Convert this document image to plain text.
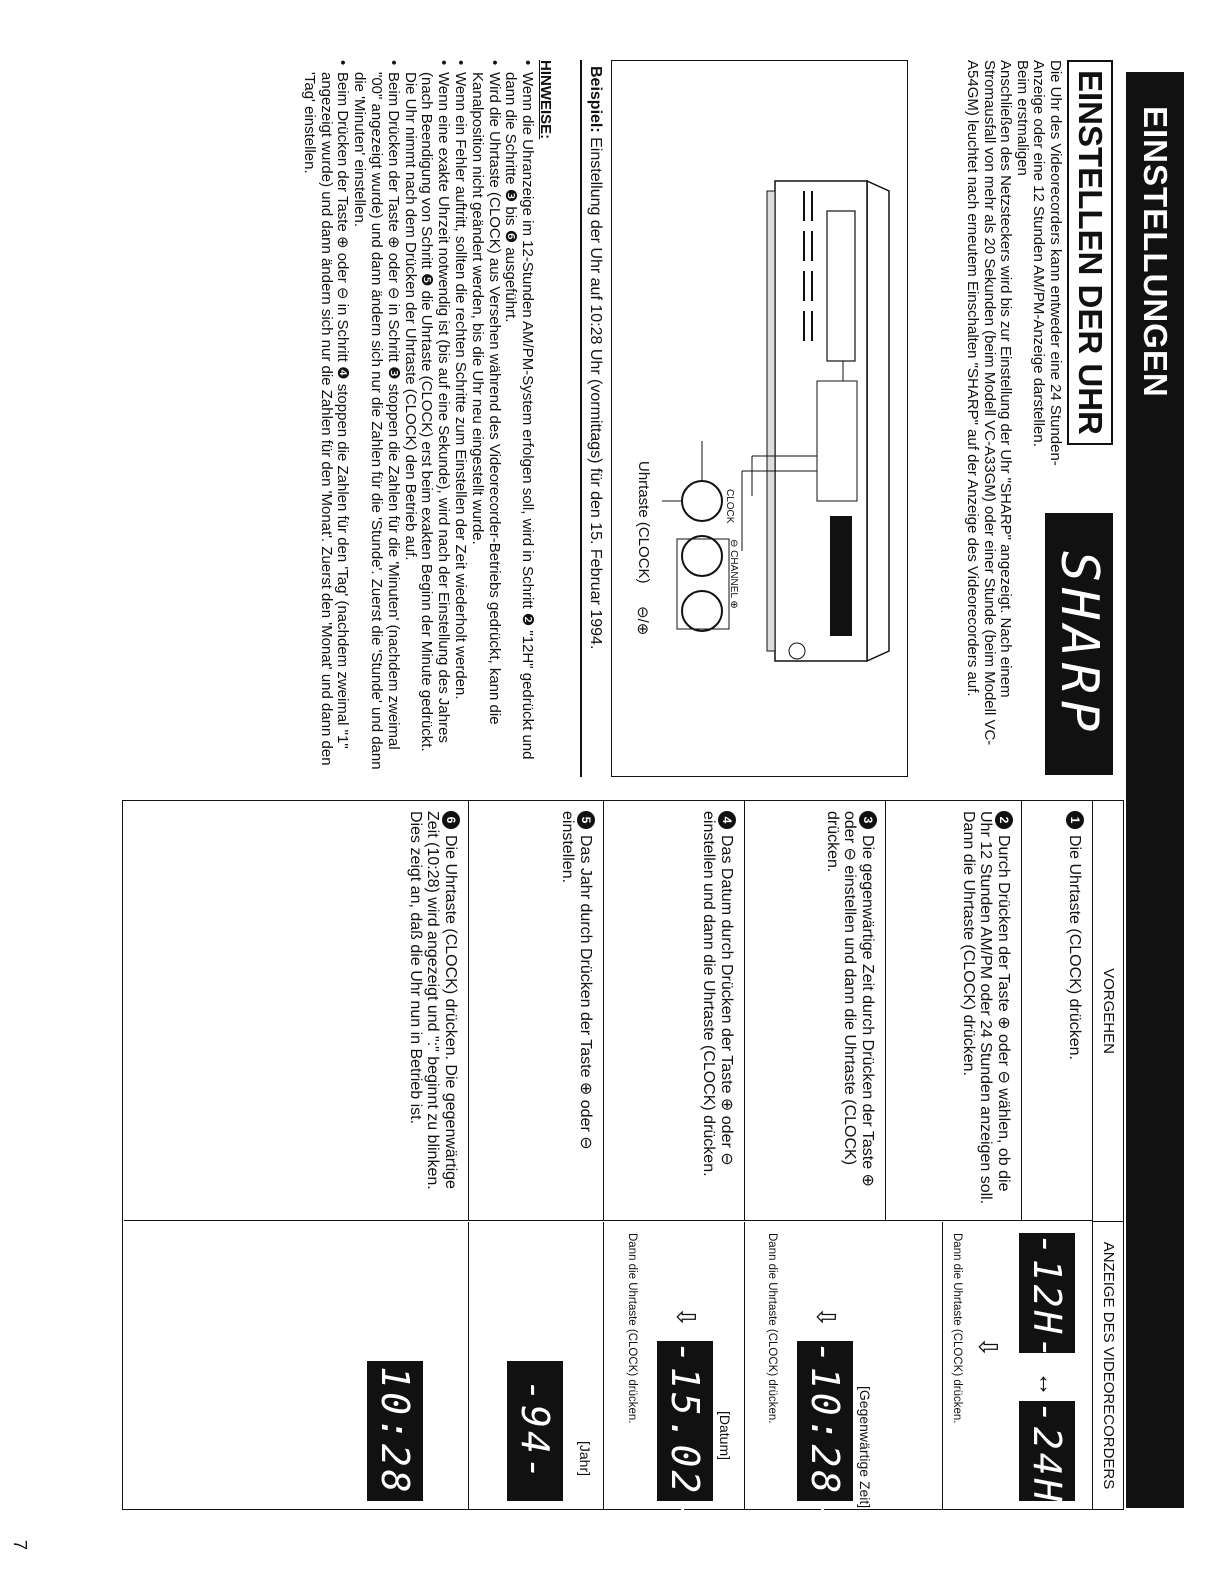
EINSTELLUNGEN
EINSTELLEN DER UHR
SHARP

Die Uhr des Videorecorders kann entweder eine 24 Stunden-Anzeige oder eine 12 Stunden AM/PM-Anzeige darstellen. Beim erstmaligen

Anschließen des Netzsteckers wird bis zur Einstellung der Uhr "SHARP" angezeigt. Nach einem Stromausfall von mehr als 20 Sekunden (beim Modell VC-A33GM) oder einer Stunde (beim Modell VC-A54GM) leuchtet nach erneutem Einschalten "SHARP" auf der Anzeige des Videorecorders auf.

CLOCK
⊖ CHANNEL ⊕
Uhrtaste (CLOCK)
⊖/⊕
Beispiel: Einstellung der Uhr auf 10:28 Uhr (vormittags) für den 15. Februar 1994.
HINWEISE:
• Wenn die Uhranzeige im 12-Stunden AM/PM-System erfolgen soll, wird in Schritt ❷ "12H" gedrückt und dann die Schritte ❸ bis ❻ ausgeführt.
• Wird die Uhrtaste (CLOCK) aus Versehen während des Videorecorder-Betriebs gedrückt, kann die Kanalposition nicht geändert werden, bis die Uhr neu eingestellt wurde.
• Wenn ein Fehler auftritt, sollten die rechten Schritte zum Einstellen der Zeit wiederholt werden.
• Wenn eine exakte Uhrzeit notwendig ist (bis auf eine Sekunde), wird nach der Einstellung des Jahres (nach Beendigung von Schritt ❺ die Uhrtaste (CLOCK) erst beim exakten Beginn der Minute gedrückt. Die Uhr nimmt nach dem Drücken der Uhrtaste (CLOCK) den Betrieb auf.
• Beim Drücken der Taste ⊕ oder ⊖ in Schritt ❸ stoppen die Zahlen für die 'Minuten' (nachdem zweimal "00" angezeigt wurde) und dann ändern sich nur die Zahlen für die 'Stunde'. Zuerst die 'Stunde' und dann die 'Minuten' einstellen.
• Beim Drücken der Taste ⊕ oder ⊖ in Schritt ❹ stoppen die Zahlen für den 'Tag' (nachdem zweimal "1" angezeigt wurde) und dann ändern sich nur die Zahlen für den 'Monat'. Zuerst den 'Monat' und dann den 'Tag' einstellen.
VORGEHEN
ANZEIGE DES VIDEORECORDERS
1Die Uhrtaste (CLOCK) drücken.
2Durch Drücken der Taste ⊕ oder ⊖ wählen, ob die Uhr 12 Stunden AM/PM oder 24 Stunden anzeigen soll. Dann die Uhrtaste (CLOCK) drücken.
3Die gegenwärtige Zeit durch Drücken der Taste ⊕ oder ⊖ einstellen und dann die Uhrtaste (CLOCK) drücken.
4Das Datum durch Drücken der Taste ⊕ oder ⊖ einstellen und dann die Uhrtaste (CLOCK) drücken.
5Das Jahr durch Drücken der Taste ⊕ oder ⊖ einstellen.
6Die Uhrtaste (CLOCK) drücken. Die gegenwärtige Zeit (10:28) wird angezeigt und ":" beginnt zu blinken. Dies zeigt an, daß die Uhr nun in Betrieb ist.
-12H-
↔
-24H-
Dann die Uhrtaste (CLOCK) drücken. ⇩
[Gegenwärtige Zeit]
-10:28-
⇩
Dann die Uhrtaste (CLOCK) drücken.
[Datum]
-15.02-
⇩
Dann die Uhrtaste (CLOCK) drücken.
[Jahr]
-94-
10:28
7
